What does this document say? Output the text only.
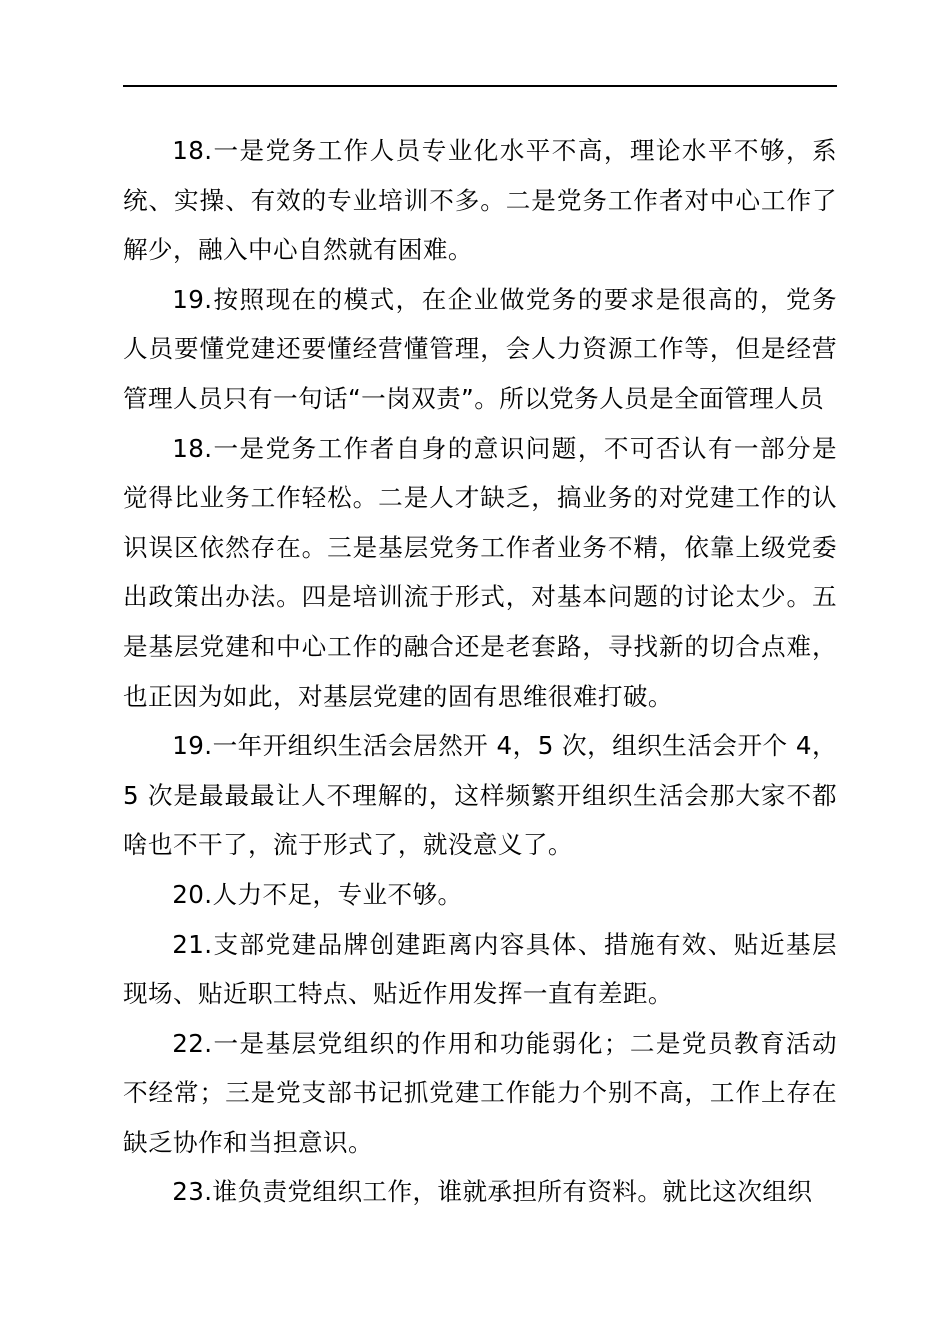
18.一是党务工作人员专业化水平不高，理论水平不够，系统、实操、有效的专业培训不多。二是党务工作者对中心工作了解少，融入中心自然就有困难。

19.按照现在的模式，在企业做党务的要求是很高的，党务人员要懂党建还要懂经营懂管理，会人力资源工作等，但是经营管理人员只有一句话“一岗双责”。所以党务人员是全面管理人员

18.一是党务工作者自身的意识问题，不可否认有一部分是觉得比业务工作轻松。二是人才缺乏，搞业务的对党建工作的认识误区依然存在。三是基层党务工作者业务不精，依靠上级党委出政策出办法。四是培训流于形式，对基本问题的讨论太少。五是基层党建和中心工作的融合还是老套路，寻找新的切合点难，也正因为如此，对基层党建的固有思维很难打破。

19.一年开组织生活会居然开 4，5 次，组织生活会开个 4，5 次是最最最让人不理解的，这样频繁开组织生活会那大家不都啥也不干了，流于形式了，就没意义了。

20.人力不足，专业不够。

21.支部党建品牌创建距离内容具体、措施有效、贴近基层现场、贴近职工特点、贴近作用发挥一直有差距。

22.一是基层党组织的作用和功能弱化；二是党员教育活动不经常；三是党支部书记抓党建工作能力个别不高，工作上存在缺乏协作和当担意识。

23.谁负责党组织工作，谁就承担所有资料。就比这次组织
